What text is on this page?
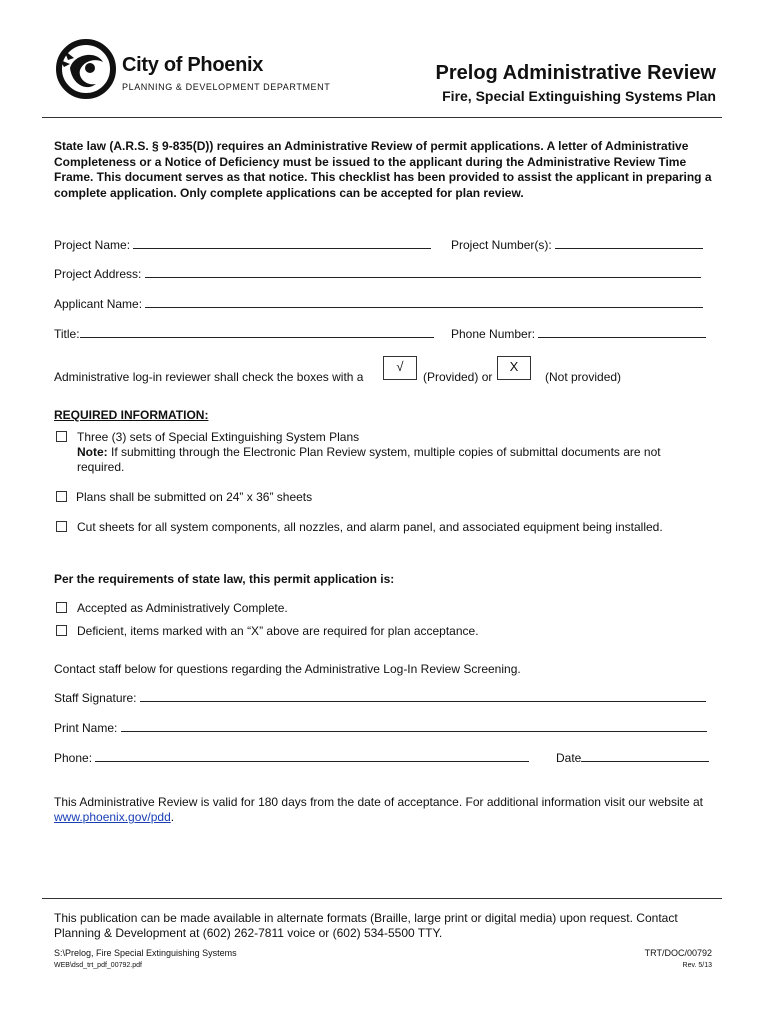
City of Phoenix
PLANNING & DEVELOPMENT DEPARTMENT
Prelog Administrative Review
Fire, Special Extinguishing Systems Plan
State law (A.R.S. § 9-835(D)) requires an Administrative Review of permit applications. A letter of Administrative Completeness or a Notice of Deficiency must be issued to the applicant during the Administrative Review Time Frame. This document serves as that notice. This checklist has been provided to assist the applicant in preparing a complete application. Only complete applications can be accepted for plan review.
Project Name:	Project Number(s):
Project Address:
Applicant Name:
Title:	Phone Number:
Administrative log-in reviewer shall check the boxes with a
√
(Provided) or
X
(Not provided)
REQUIRED INFORMATION:
Three (3) sets of Special Extinguishing System Plans
Note: If submitting through the Electronic Plan Review system, multiple copies of submittal documents are not required.
Plans shall be submitted on 24” x 36” sheets
Cut sheets for all system components, all nozzles, and alarm panel, and associated equipment being installed.
Per the requirements of state law, this permit application is:
Accepted as Administratively Complete.
Deficient, items marked with an “X” above are required for plan acceptance.
Contact staff below for questions regarding the Administrative Log-In Review Screening.
Staff Signature:
Print Name:
Phone:	Date
This Administrative Review is valid for 180 days from the date of acceptance. For additional information visit our website at www.phoenix.gov/pdd.
This publication can be made available in alternate formats (Braille, large print or digital media) upon request. Contact Planning & Development at (602) 262-7811 voice or (602) 534-5500 TTY.
S:\Prelog, Fire Special Extinguishing Systems
WEB\dsd_trt_pdf_00792.pdf
TRT/DOC/00792
Rev. 5/13
